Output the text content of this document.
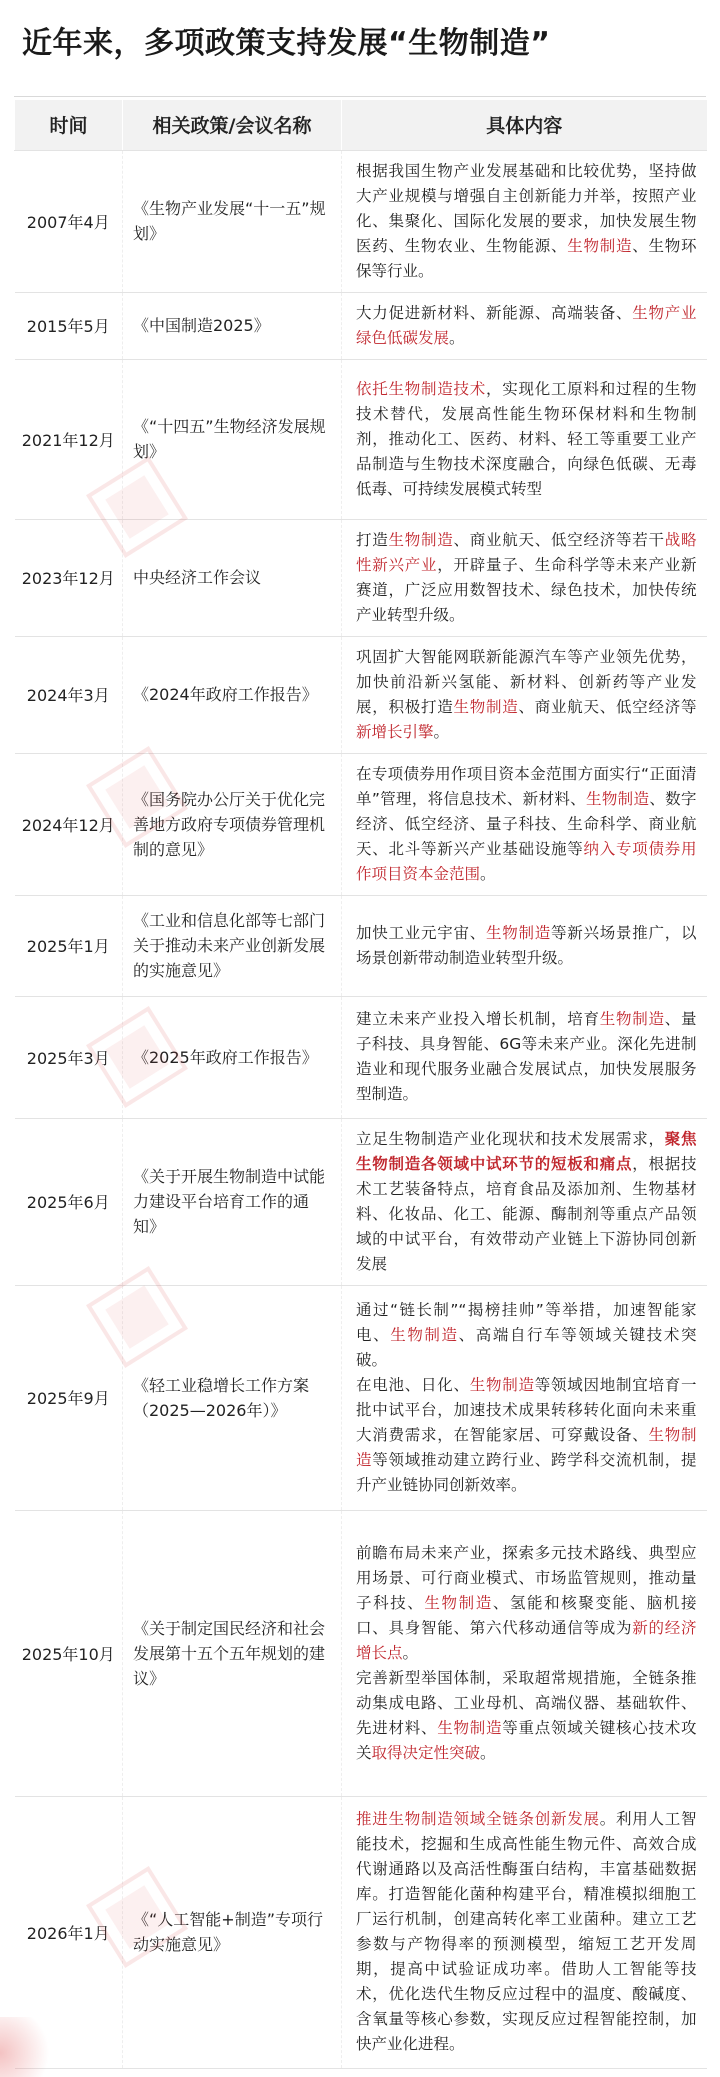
近年来，多项政策支持发展“生物制造”
时间	相关政策/会议名称	具体内容
2007年4月	《生物产业发展“十一五”规划》	根据我国生物产业发展基础和比较优势，坚持做大产业规模与增强自主创新能力并举，按照产业化、集聚化、国际化发展的要求，加快发展生物医药、生物农业、生物能源、生物制造、生物环保等行业。
2015年5月	《中国制造2025》	大力促进新材料、新能源、高端装备、生物产业绿色低碳发展。
2021年12月	《“十四五”生物经济发展规划》	依托生物制造技术，实现化工原料和过程的生物技术替代，发展高性能生物环保材料和生物制剂，推动化工、医药、材料、轻工等重要工业产品制造与生物技术深度融合，向绿色低碳、无毒低毒、可持续发展模式转型
2023年12月	中央经济工作会议	打造生物制造、商业航天、低空经济等若干战略性新兴产业，开辟量子、生命科学等未来产业新赛道，广泛应用数智技术、绿色技术，加快传统产业转型升级。
2024年3月	《2024年政府工作报告》	巩固扩大智能网联新能源汽车等产业领先优势，加快前沿新兴氢能、新材料、创新药等产业发展，积极打造生物制造、商业航天、低空经济等新增长引擎。
2024年12月	《国务院办公厅关于优化完善地方政府专项债券管理机制的意见》	在专项债券用作项目资本金范围方面实行“正面清单”管理，将信息技术、新材料、生物制造、数字经济、低空经济、量子科技、生命科学、商业航天、北斗等新兴产业基础设施等纳入专项债券用作项目资本金范围。
2025年1月	《工业和信息化部等七部门关于推动未来产业创新发展的实施意见》	加快工业元宇宙、生物制造等新兴场景推广，以场景创新带动制造业转型升级。
2025年3月	《2025年政府工作报告》	建立未来产业投入增长机制，培育生物制造、量子科技、具身智能、6G等未来产业。深化先进制造业和现代服务业融合发展试点，加快发展服务型制造。
2025年6月	《关于开展生物制造中试能力建设平台培育工作的通知》	立足生物制造产业化现状和技术发展需求，聚焦生物制造各领域中试环节的短板和痛点，根据技术工艺装备特点，培育食品及添加剂、生物基材料、化妆品、化工、能源、酶制剂等重点产品领域的中试平台，有效带动产业链上下游协同创新发展
2025年9月	《轻工业稳增长工作方案（2025—2026年）》	通过“链长制”“揭榜挂帅”等举措，加速智能家电、生物制造、高端自行车等领域关键技术突破。
在电池、日化、生物制造等领域因地制宜培育一批中试平台，加速技术成果转移转化面向未来重大消费需求，在智能家居、可穿戴设备、生物制造等领域推动建立跨行业、跨学科交流机制，提升产业链协同创新效率。
2025年10月	《关于制定国民经济和社会发展第十五个五年规划的建议》	前瞻布局未来产业，探索多元技术路线、典型应用场景、可行商业模式、市场监管规则，推动量子科技、生物制造、氢能和核聚变能、脑机接口、具身智能、第六代移动通信等成为新的经济增长点。
完善新型举国体制，采取超常规措施，全链条推动集成电路、工业母机、高端仪器、基础软件、先进材料、生物制造等重点领域关键核心技术攻关取得决定性突破。
2026年1月	《“人工智能+制造”专项行动实施意见》	推进生物制造领域全链条创新发展。利用人工智能技术，挖掘和生成高性能生物元件、高效合成代谢通路以及高活性酶蛋白结构，丰富基础数据库。打造智能化菌种构建平台，精准模拟细胞工厂运行机制，创建高转化率工业菌种。建立工艺参数与产物得率的预测模型，缩短工艺开发周期，提高中试验证成功率。借助人工智能等技术，优化迭代生物反应过程中的温度、酸碱度、含氧量等核心参数，实现反应过程智能控制，加快产业化进程。
